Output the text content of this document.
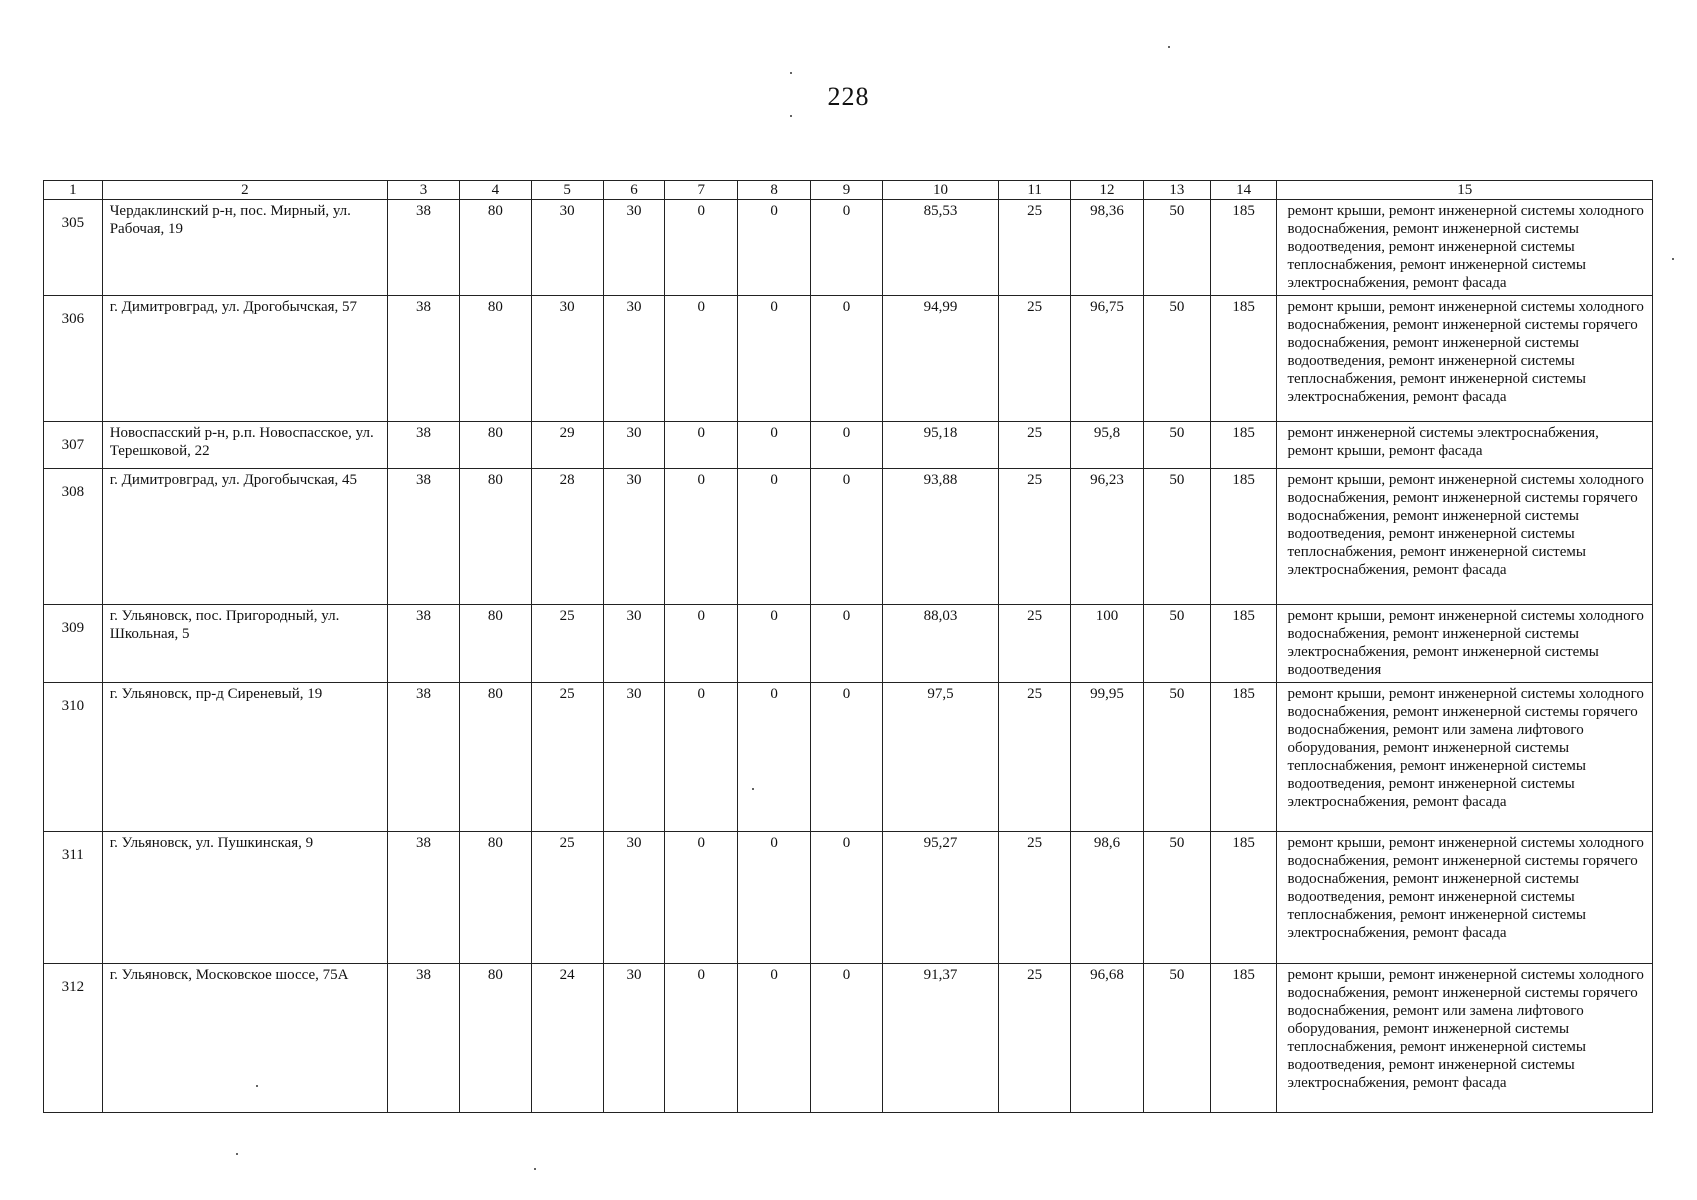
228
1	2	3	4	5	6	7	8	9	10	11	12	13	14	15
305	Чердаклинский р-н, пос. Мирный, ул. Рабочая, 19	38	80	30	30	0	0	0	85,53	25	98,36	50	185	ремонт крыши, ремонт инженерной системы холодного водоснабжения, ремонт инженерной системы водоотведения, ремонт инженерной системы теплоснабжения, ремонт инженерной системы электроснабжения, ремонт фасада
306	г. Димитровград, ул. Дрогобычская, 57	38	80	30	30	0	0	0	94,99	25	96,75	50	185	ремонт крыши, ремонт инженерной системы холодного водоснабжения, ремонт инженерной системы горячего водоснабжения, ремонт инженерной системы водоотведения, ремонт инженерной системы теплоснабжения, ремонт инженерной системы электроснабжения, ремонт фасада
307	Новоспасский р-н, р.п. Новоспасское, ул. Терешковой, 22	38	80	29	30	0	0	0	95,18	25	95,8	50	185	ремонт инженерной системы электроснабжения, ремонт крыши, ремонт фасада
308	г. Димитровград, ул. Дрогобычская, 45	38	80	28	30	0	0	0	93,88	25	96,23	50	185	ремонт крыши, ремонт инженерной системы холодного водоснабжения, ремонт инженерной системы горячего водоснабжения, ремонт инженерной системы водоотведения, ремонт инженерной системы теплоснабжения, ремонт инженерной системы электроснабжения, ремонт фасада
309	г. Ульяновск, пос. Пригородный, ул. Школьная, 5	38	80	25	30	0	0	0	88,03	25	100	50	185	ремонт крыши, ремонт инженерной системы холодного водоснабжения, ремонт инженерной системы электроснабжения, ремонт инженерной системы водоотведения
310	г. Ульяновск, пр-д Сиреневый, 19	38	80	25	30	0	0	0	97,5	25	99,95	50	185	ремонт крыши, ремонт инженерной системы холодного водоснабжения, ремонт инженерной системы горячего водоснабжения, ремонт или замена лифтового оборудования, ремонт инженерной системы теплоснабжения, ремонт инженерной системы водоотведения, ремонт инженерной системы электроснабжения, ремонт фасада
311	г. Ульяновск, ул. Пушкинская, 9	38	80	25	30	0	0	0	95,27	25	98,6	50	185	ремонт крыши, ремонт инженерной системы холодного водоснабжения, ремонт инженерной системы горячего водоснабжения, ремонт инженерной системы водоотведения, ремонт инженерной системы теплоснабжения, ремонт инженерной системы электроснабжения, ремонт фасада
312	г. Ульяновск, Московское шоссе, 75А	38	80	24	30	0	0	0	91,37	25	96,68	50	185	ремонт крыши, ремонт инженерной системы холодного водоснабжения, ремонт инженерной системы горячего водоснабжения, ремонт или замена лифтового оборудования, ремонт инженерной системы теплоснабжения, ремонт инженерной системы водоотведения, ремонт инженерной системы электроснабжения, ремонт фасада
